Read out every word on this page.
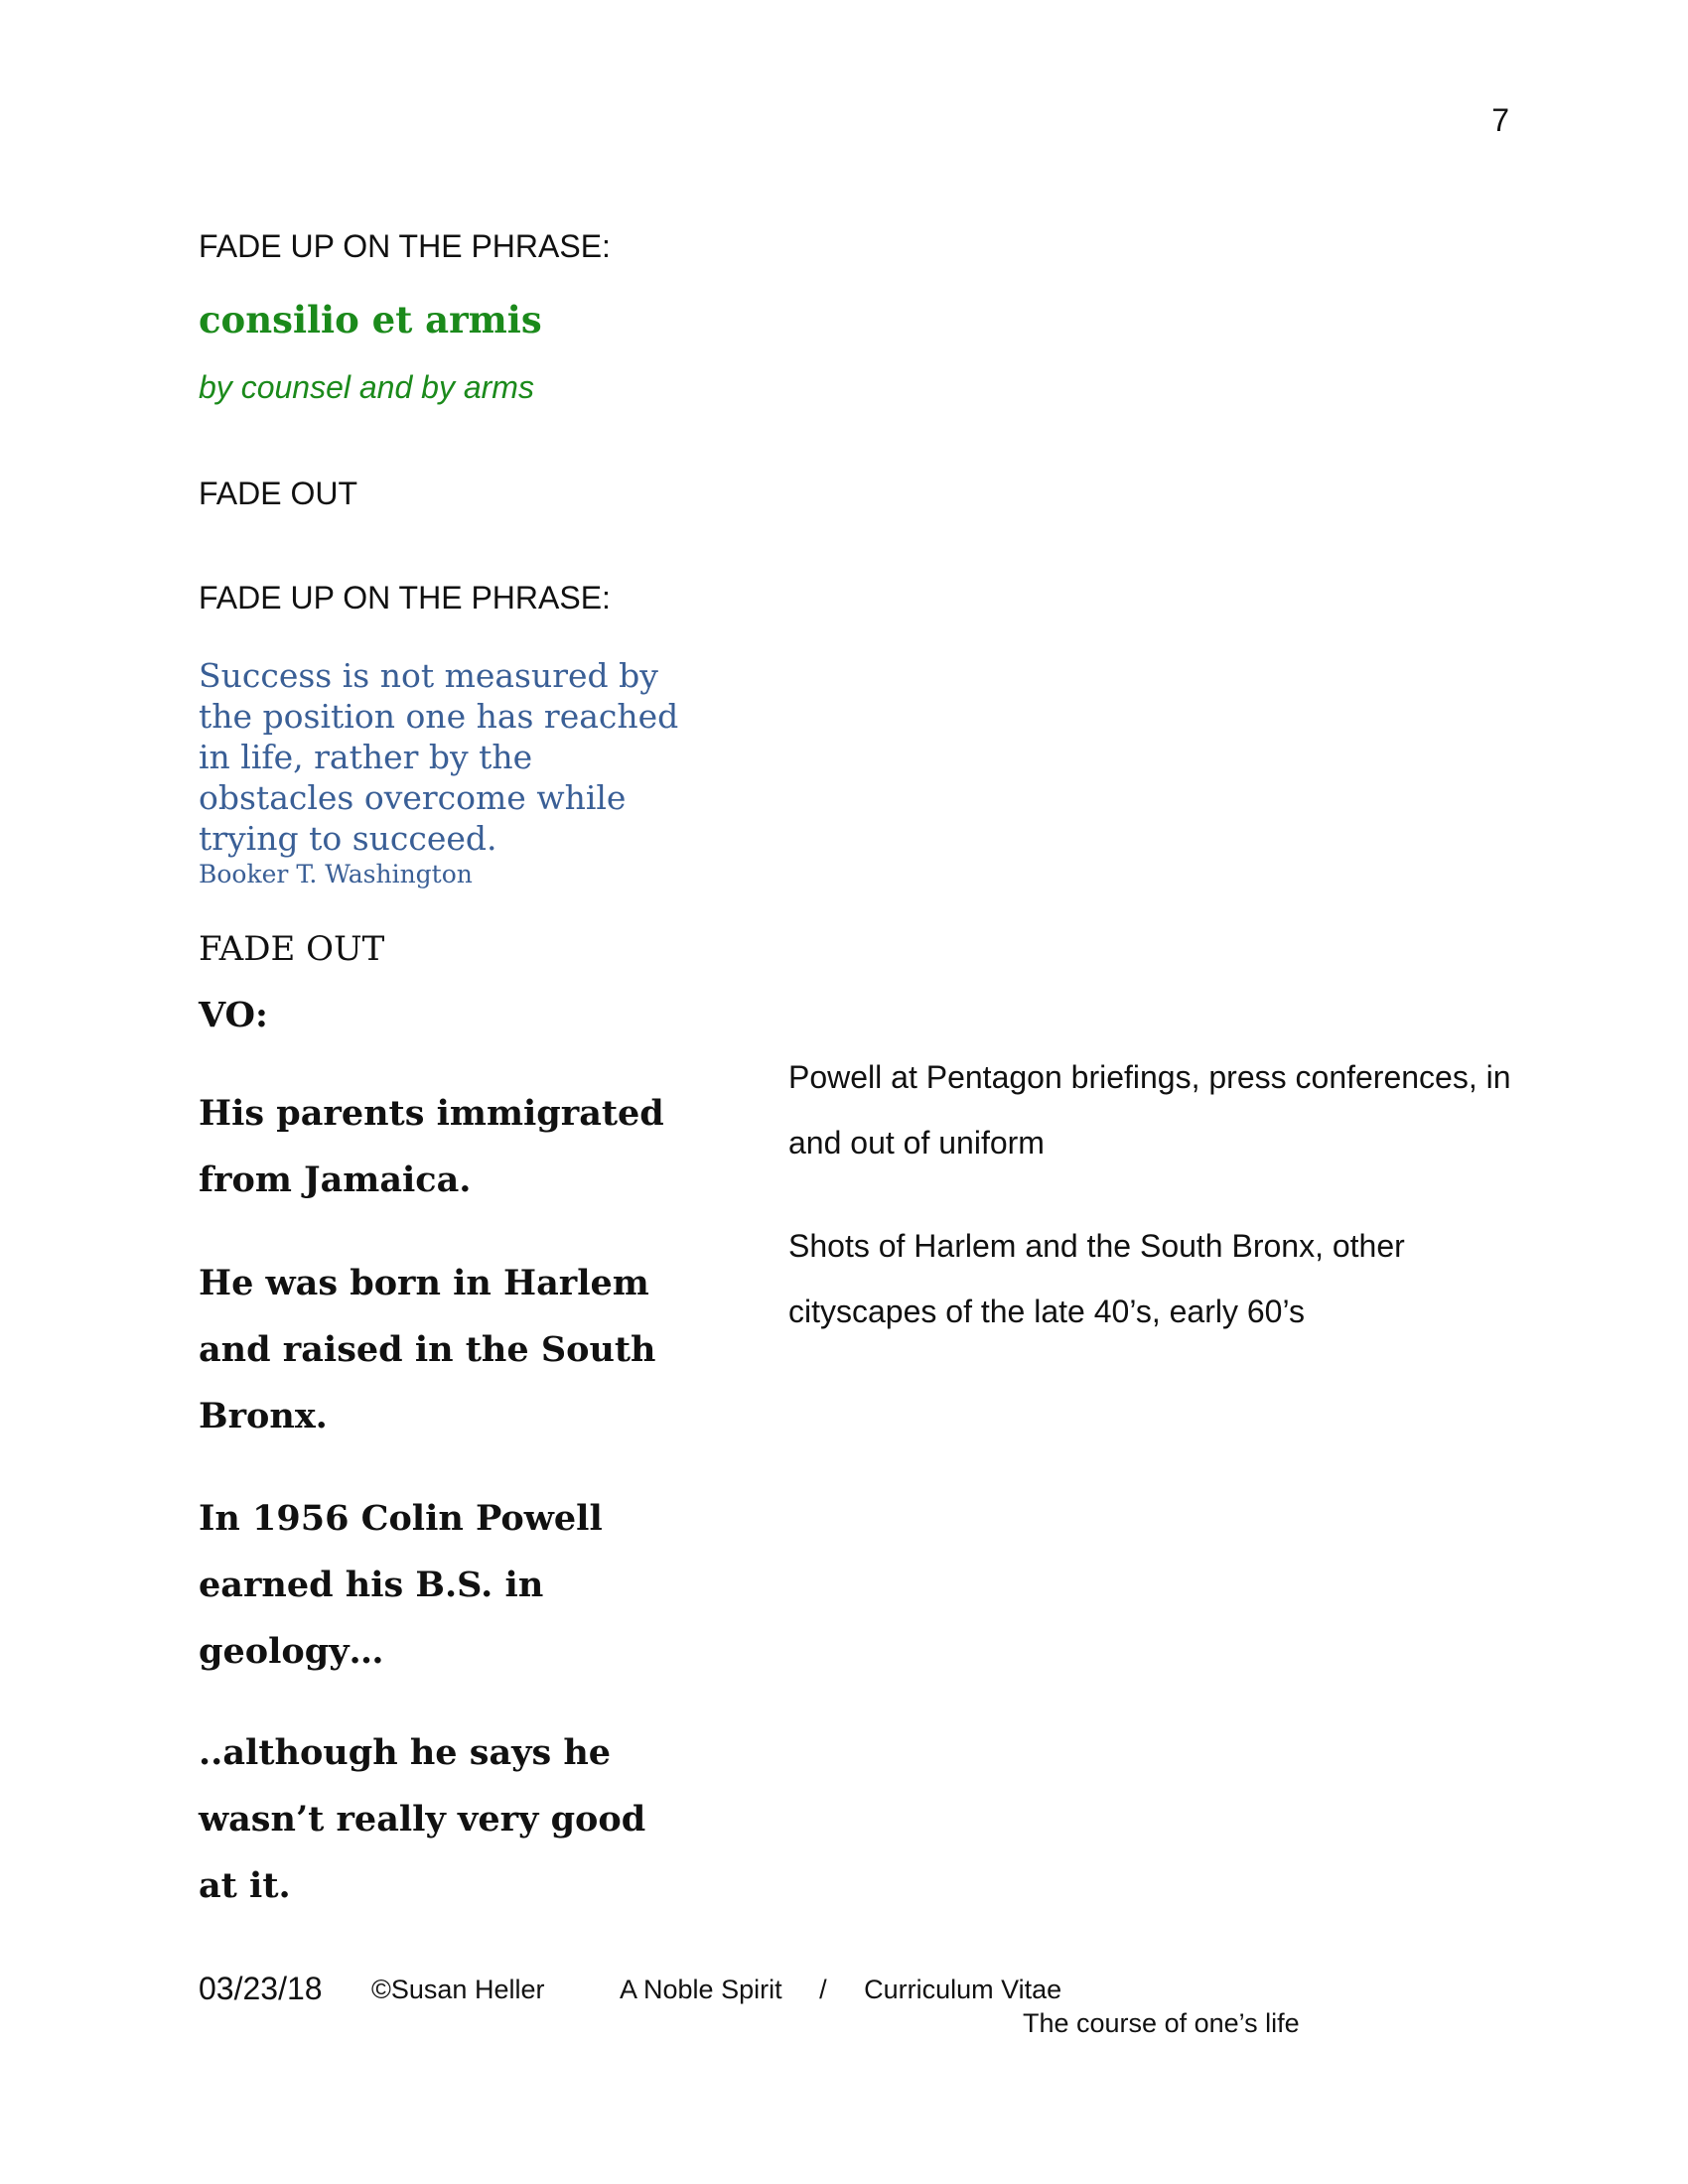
7

FADE UP ON THE PHRASE:

consilio et armis

by counsel and by arms

FADE OUT

FADE UP ON THE PHRASE:

Success is not measured by the position one has reached in life, rather by the obstacles overcome while trying to succeed.

Booker T. Washington

FADE OUT

VO:

His parents immigrated from Jamaica.

He was born in Harlem and raised in the South Bronx.

In 1956 Colin Powell earned his B.S. in geology…

..although he says he wasn’t really very good at it.

Powell at Pentagon briefings, press conferences, in and out of uniform

Shots of Harlem and the South Bronx, other cityscapes of the late 40’s, early 60’s

03/23/18 ©Susan Heller	A Noble Spirit     /     Curriculum Vitae
The course of one’s life
